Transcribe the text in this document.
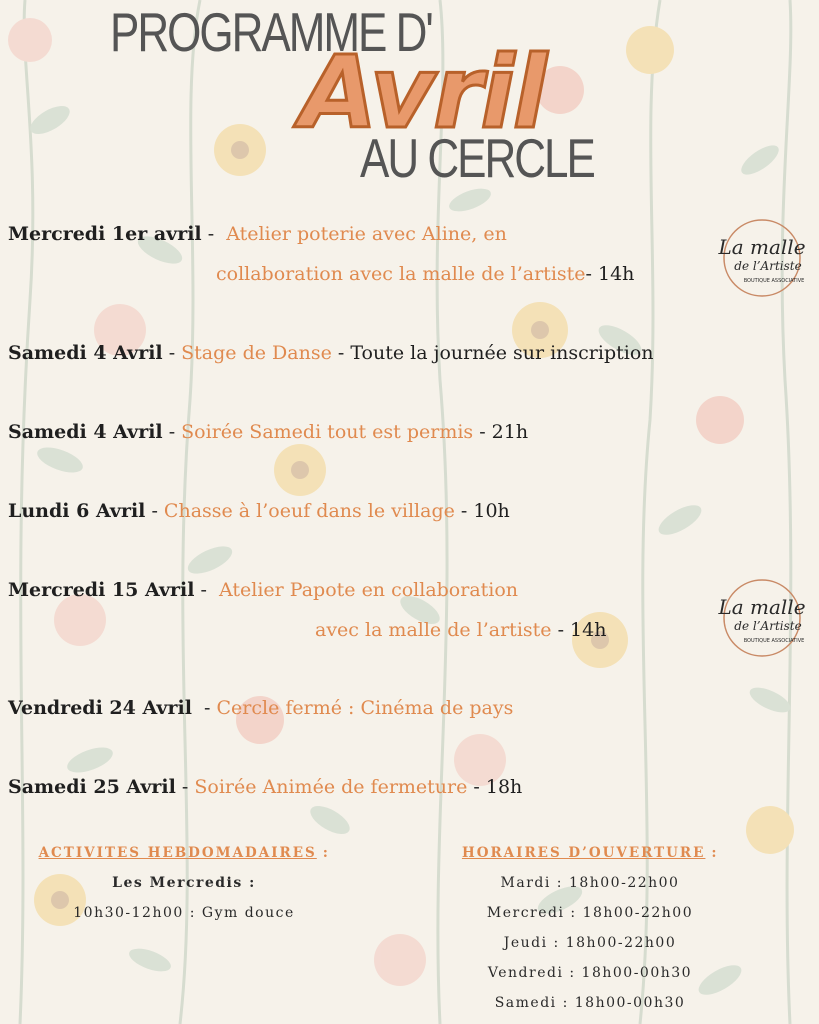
PROGRAMME D'
Avril
AU CERCLE
Mercredi 1er avril - Atelier poterie avec Aline, en
collaboration avec la malle de l’artiste- 14h
Samedi 4 Avril - Stage de Danse - Toute la journée sur inscription
Samedi 4 Avril - Soirée Samedi tout est permis - 21h
Lundi 6 Avril - Chasse à l’oeuf dans le village - 10h
Mercredi 15 Avril - Atelier Papote en collaboration
avec la malle de l’artiste - 14h
Vendredi 24 Avril - Cercle fermé : Cinéma de pays
Samedi 25 Avril - Soirée Animée de fermeture - 18h
La malle
de l’Artiste
BOUTIQUE ASSOCIATIVE
La malle
de l’Artiste
BOUTIQUE ASSOCIATIVE
ACTIVITES HEBDOMADAIRES :
Les Mercredis :
10h30-12h00 : Gym douce
HORAIRES D’OUVERTURE :
Mardi : 18h00-22h00
Mercredi : 18h00-22h00
Jeudi : 18h00-22h00
Vendredi : 18h00-00h30
Samedi : 18h00-00h30
